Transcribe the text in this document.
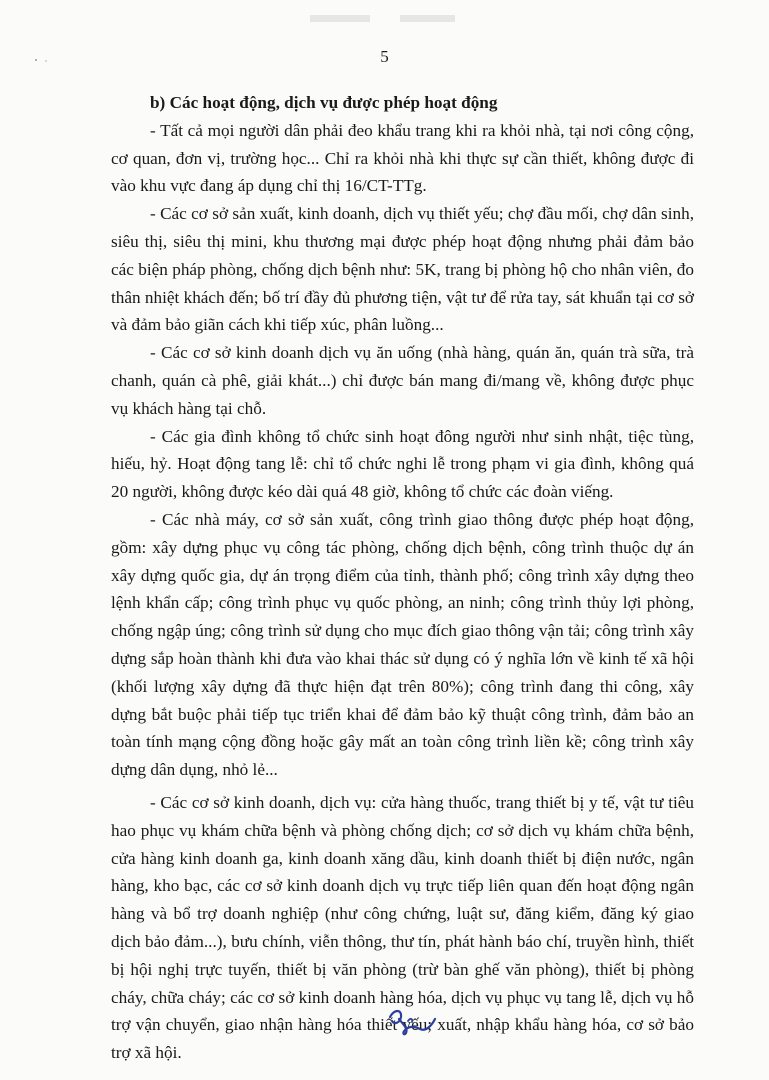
5

b) Các hoạt động, dịch vụ được phép hoạt động

- Tất cả mọi người dân phải đeo khẩu trang khi ra khỏi nhà, tại nơi công cộng, cơ quan, đơn vị, trường học... Chỉ ra khỏi nhà khi thực sự cần thiết, không được đi vào khu vực đang áp dụng chỉ thị 16/CT-TTg.

- Các cơ sở sản xuất, kinh doanh, dịch vụ thiết yếu; chợ đầu mối, chợ dân sinh, siêu thị, siêu thị mini, khu thương mại được phép hoạt động nhưng phải đảm bảo các biện pháp phòng, chống dịch bệnh như: 5K, trang bị phòng hộ cho nhân viên, đo thân nhiệt khách đến; bố trí đầy đủ phương tiện, vật tư để rửa tay, sát khuẩn tại cơ sở và đảm bảo giãn cách khi tiếp xúc, phân luồng...

- Các cơ sở kinh doanh dịch vụ ăn uống (nhà hàng, quán ăn, quán trà sữa, trà chanh, quán cà phê, giải khát...) chỉ được bán mang đi/mang về, không được phục vụ khách hàng tại chỗ.

- Các gia đình không tổ chức sinh hoạt đông người như sinh nhật, tiệc tùng, hiếu, hỷ. Hoạt động tang lễ: chỉ tổ chức nghi lễ trong phạm vi gia đình, không quá 20 người, không được kéo dài quá 48 giờ, không tổ chức các đoàn viếng.

- Các nhà máy, cơ sở sản xuất, công trình giao thông được phép hoạt động, gồm: xây dựng phục vụ công tác phòng, chống dịch bệnh, công trình thuộc dự án xây dựng quốc gia, dự án trọng điểm của tỉnh, thành phố; công trình xây dựng theo lệnh khẩn cấp; công trình phục vụ quốc phòng, an ninh; công trình thủy lợi phòng, chống ngập úng; công trình sử dụng cho mục đích giao thông vận tải; công trình xây dựng sắp hoàn thành khi đưa vào khai thác sử dụng có ý nghĩa lớn về kinh tế xã hội (khối lượng xây dựng đã thực hiện đạt trên 80%); công trình đang thi công, xây dựng bắt buộc phải tiếp tục triển khai để đảm bảo kỹ thuật công trình, đảm bảo an toàn tính mạng cộng đồng hoặc gây mất an toàn công trình liền kề; công trình xây dựng dân dụng, nhỏ lẻ...

- Các cơ sở kinh doanh, dịch vụ: cửa hàng thuốc, trang thiết bị y tế, vật tư tiêu hao phục vụ khám chữa bệnh và phòng chống dịch; cơ sở dịch vụ khám chữa bệnh, cửa hàng kinh doanh ga, kinh doanh xăng dầu, kinh doanh thiết bị điện nước, ngân hàng, kho bạc, các cơ sở kinh doanh dịch vụ trực tiếp liên quan đến hoạt động ngân hàng và bổ trợ doanh nghiệp (như công chứng, luật sư, đăng kiểm, đăng ký giao dịch bảo đảm...), bưu chính, viễn thông, thư tín, phát hành báo chí, truyền hình, thiết bị hội nghị trực tuyến, thiết bị văn phòng (trừ bàn ghế văn phòng), thiết bị phòng cháy, chữa cháy; các cơ sở kinh doanh hàng hóa, dịch vụ phục vụ tang lễ, dịch vụ hỗ trợ vận chuyển, giao nhận hàng hóa thiết yếu; xuất, nhập khẩu hàng hóa, cơ sở bảo trợ xã hội.
